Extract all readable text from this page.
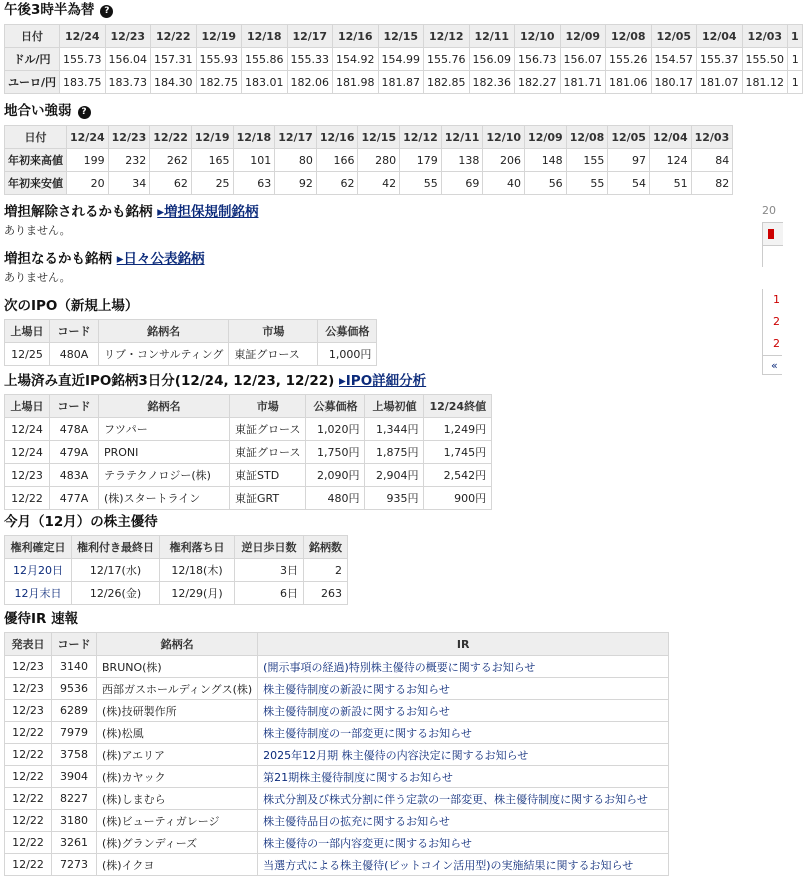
午後3時半為替 ?
日付	12/24	12/23	12/22	12/19	12/18	12/17	12/16	12/15	12/12	12/11	12/10	12/09	12/08	12/05	12/04	12/03	1
ドル/円	155.73	156.04	157.31	155.93	155.86	155.33	154.92	154.99	155.76	156.09	156.73	156.07	155.26	154.57	155.37	155.50	1
ユーロ/円	183.75	183.73	184.30	182.75	183.01	182.06	181.98	181.87	182.85	182.36	182.27	181.71	181.06	180.17	181.07	181.12	1
地合い強弱 ?
日付	12/24	12/23	12/22	12/19	12/18	12/17	12/16	12/15	12/12	12/11	12/10	12/09	12/08	12/05	12/04	12/03
年初来高値	199	232	262	165	101	80	166	280	179	138	206	148	155	97	124	84
年初来安値	20	34	62	25	63	92	62	42	55	69	40	56	55	54	51	82
増担解除されるかも銘柄 ▸増担保規制銘柄
ありません。
増担なるかも銘柄 ▸日々公表銘柄
ありません。
次のIPO（新規上場）
上場日	コード	銘柄名	市場	公募価格
12/25	480A	リブ・コンサルティング	東証グロース	1,000円
上場済み直近IPO銘柄3日分(12/24, 12/23, 12/22) ▸IPO詳細分析
上場日	コード	銘柄名	市場	公募価格	上場初値	12/24終値
12/24	478A	フツパー	東証グロース	1,020円	1,344円	1,249円
12/24	479A	PRONI	東証グロース	1,750円	1,875円	1,745円
12/23	483A	テラテクノロジー(株)	東証STD	2,090円	2,904円	2,542円
12/22	477A	(株)スタートライン	東証GRT	480円	935円	900円
今月（12月）の株主優待
権利確定日	権利付き最終日	権利落ち日	逆日歩日数	銘柄数
12月20日	12/17(水)	12/18(木)	3日	2
12月末日	12/26(金)	12/29(月)	6日	263
優待IR 速報
発表日	コード	銘柄名	IR
12/23	3140	BRUNO(株)	(開示事項の経過)特別株主優待の概要に関するお知らせ
12/23	9536	西部ガスホールディングス(株)	株主優待制度の新設に関するお知らせ
12/23	6289	(株)技研製作所	株主優待制度の新設に関するお知らせ
12/22	7979	(株)松風	株主優待制度の一部変更に関するお知らせ
12/22	3758	(株)アエリア	2025年12月期 株主優待の内容決定に関するお知らせ
12/22	3904	(株)カヤック	第21期株主優待制度に関するお知らせ
12/22	8227	(株)しまむら	株式分割及び株式分割に伴う定款の一部変更、株主優待制度に関するお知らせ
12/22	3180	(株)ビューティガレージ	株主優待品目の拡充に関するお知らせ
12/22	3261	(株)グランディーズ	株主優待の一部内容変更に関するお知らせ
12/22	7273	(株)イクヨ	当選方式による株主優待(ビットコイン活用型)の実施結果に関するお知らせ
20
1
2
2
«
